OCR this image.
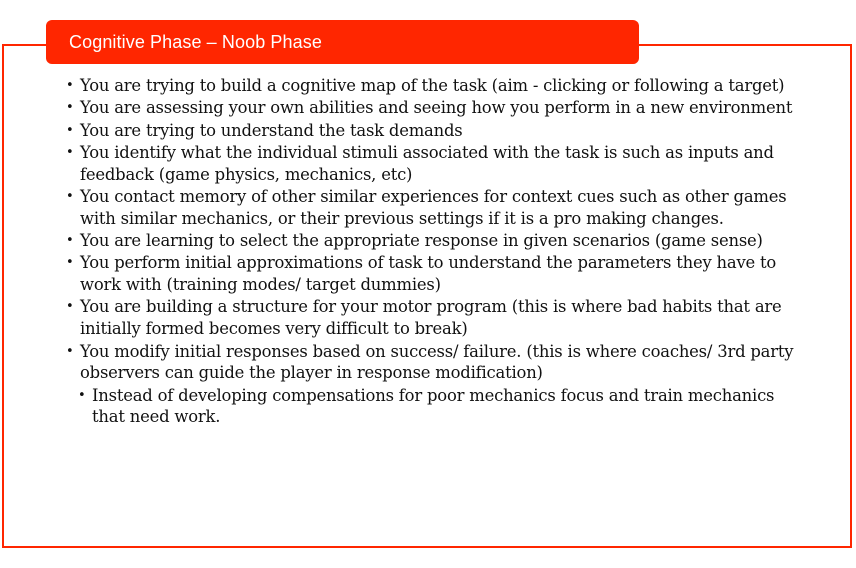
Cognitive Phase – Noob Phase
• You are trying to build a cognitive map of the task (aim - clicking or following a target)
• You are assessing your own abilities and seeing how you perform in a new environment
• You are trying to understand the task demands
• You identify what the individual stimuli associated with the task is such as inputs and feedback (game physics, mechanics, etc)
• You contact memory of other similar experiences for context cues such as other games with similar mechanics, or their previous settings if it is a pro making changes.
• You are learning to select the appropriate response in given scenarios (game sense)
• You perform initial approximations of task to understand the parameters they have to work with (training modes/ target dummies)
• You are building a structure for your motor program (this is where bad habits that are initially formed becomes very difficult to break)
• You modify initial responses based on success/ failure. (this is where coaches/ 3rd party observers can guide the player in response modification)
• Instead of developing compensations for poor mechanics focus and train mechanics that need work.
